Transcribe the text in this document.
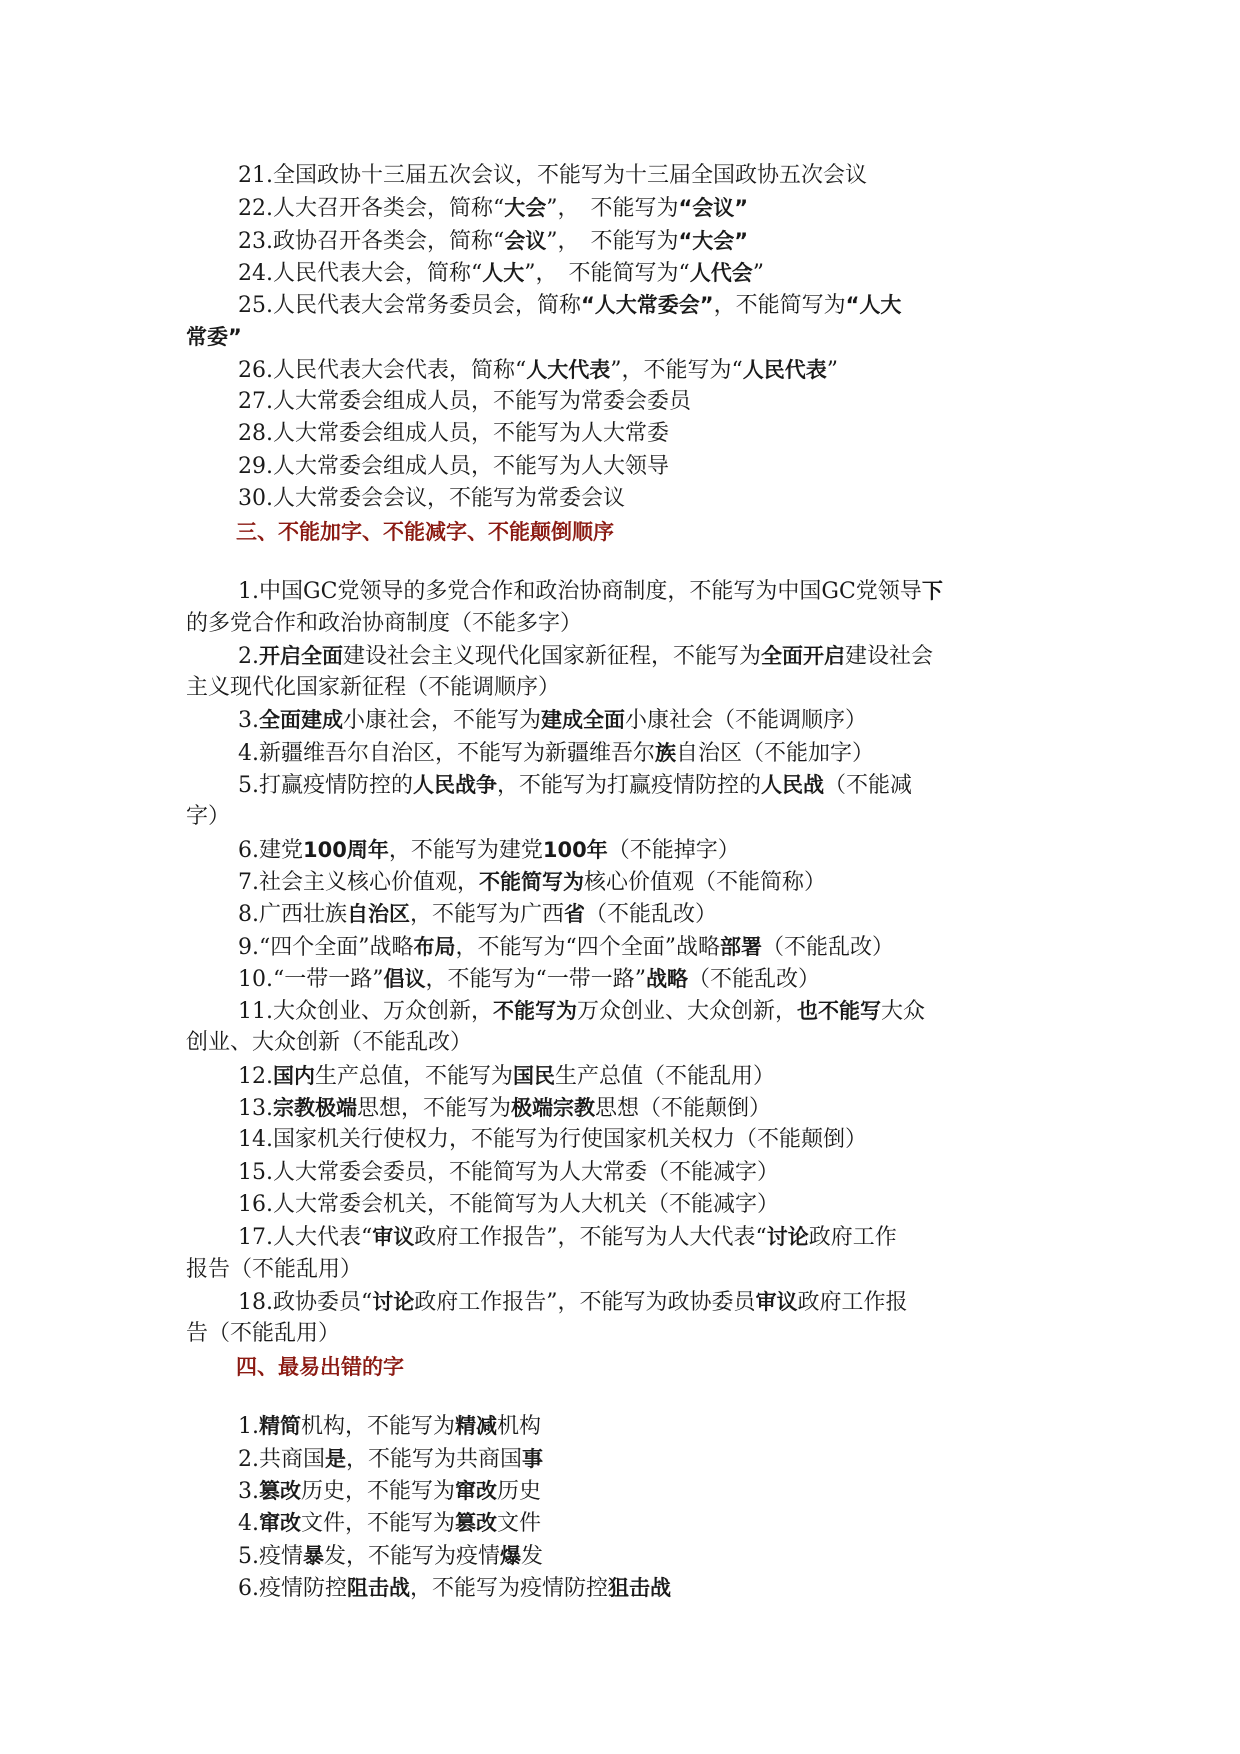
21.全国政协十三届五次会议，不能写为十三届全国政协五次会议
22.人大召开各类会，简称“大会”，　不能写为“会议”
23.政协召开各类会，简称“会议”，　不能写为“大会”
24.人民代表大会，简称“人大”，　不能简写为“人代会”
25.人民代表大会常务委员会，简称“人大常委会”，不能简写为“人大
常委”
26.人民代表大会代表，简称“人大代表”，不能写为“人民代表”
27.人大常委会组成人员，不能写为常委会委员
28.人大常委会组成人员，不能写为人大常委
29.人大常委会组成人员，不能写为人大领导
30.人大常委会会议，不能写为常委会议
三、不能加字、不能减字、不能颠倒顺序
1.中国GC党领导的多党合作和政治协商制度，不能写为中国GC党领导下
的多党合作和政治协商制度（不能多字）
2.开启全面建设社会主义现代化国家新征程，不能写为全面开启建设社会
主义现代化国家新征程（不能调顺序）
3.全面建成小康社会，不能写为建成全面小康社会（不能调顺序）
4.新疆维吾尔自治区，不能写为新疆维吾尔族自治区（不能加字）
5.打赢疫情防控的人民战争，不能写为打赢疫情防控的人民战（不能减
字）
6.建党100周年，不能写为建党100年（不能掉字）
7.社会主义核心价值观，不能简写为核心价值观（不能简称）
8.广西壮族自治区，不能写为广西省（不能乱改）
9.“四个全面”战略布局，不能写为“四个全面”战略部署（不能乱改）
10.“一带一路”倡议，不能写为“一带一路”战略（不能乱改）
11.大众创业、万众创新，不能写为万众创业、大众创新，也不能写大众
创业、大众创新（不能乱改）
12.国内生产总值，不能写为国民生产总值（不能乱用）
13.宗教极端思想，不能写为极端宗教思想（不能颠倒）
14.国家机关行使权力，不能写为行使国家机关权力（不能颠倒）
15.人大常委会委员，不能简写为人大常委（不能减字）
16.人大常委会机关，不能简写为人大机关（不能减字）
17.人大代表“审议政府工作报告”，不能写为人大代表“讨论政府工作
报告（不能乱用）
18.政协委员“讨论政府工作报告”，不能写为政协委员审议政府工作报
告（不能乱用）
四、最易出错的字
1.精简机构，不能写为精减机构
2.共商国是，不能写为共商国事
3.篡改历史，不能写为窜改历史
4.窜改文件，不能写为篡改文件
5.疫情暴发，不能写为疫情爆发
6.疫情防控阻击战，不能写为疫情防控狙击战
